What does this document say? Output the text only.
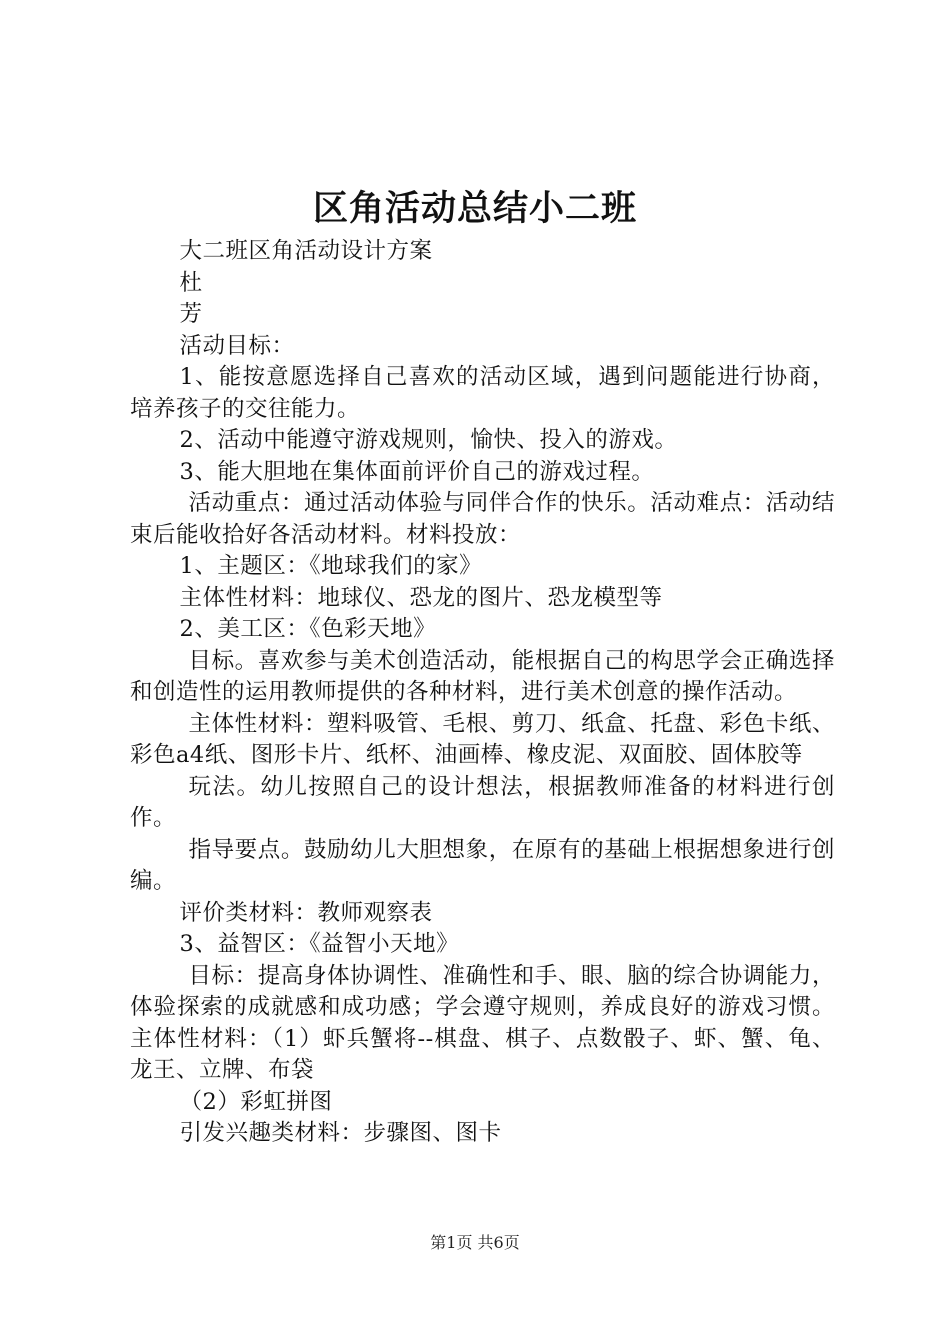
区角活动总结小二班

大二班区角活动设计方案

杜

芳

活动目标：

1、能按意愿选择自己喜欢的活动区域，遇到问题能进行协商，培养孩子的交往能力。

2、活动中能遵守游戏规则，愉快、投入的游戏。

3、能大胆地在集体面前评价自己的游戏过程。

活动重点：通过活动体验与同伴合作的快乐。活动难点：活动结束后能收拾好各活动材料。材料投放：

1、主题区：《地球我们的家》

主体性材料：地球仪、恐龙的图片、恐龙模型等

2、美工区：《色彩天地》

目标。喜欢参与美术创造活动，能根据自己的构思学会正确选择和创造性的运用教师提供的各种材料，进行美术创意的操作活动。

主体性材料：塑料吸管、毛根、剪刀、纸盒、托盘、彩色卡纸、彩色a4纸、图形卡片、纸杯、油画棒、橡皮泥、双面胶、固体胶等

玩法。幼儿按照自己的设计想法，根据教师准备的材料进行创作。

指导要点。鼓励幼儿大胆想象，在原有的基础上根据想象进行创编。

评价类材料：教师观察表

3、益智区：《益智小天地》

目标：提高身体协调性、准确性和手、眼、脑的综合协调能力，体验探索的成就感和成功感；学会遵守规则，养成良好的游戏习惯。主体性材料：（1）虾兵蟹将--棋盘、棋子、点数骰子、虾、蟹、龟、龙王、立牌、布袋

（2）彩虹拼图

引发兴趣类材料：步骤图、图卡

第1页 共6页
